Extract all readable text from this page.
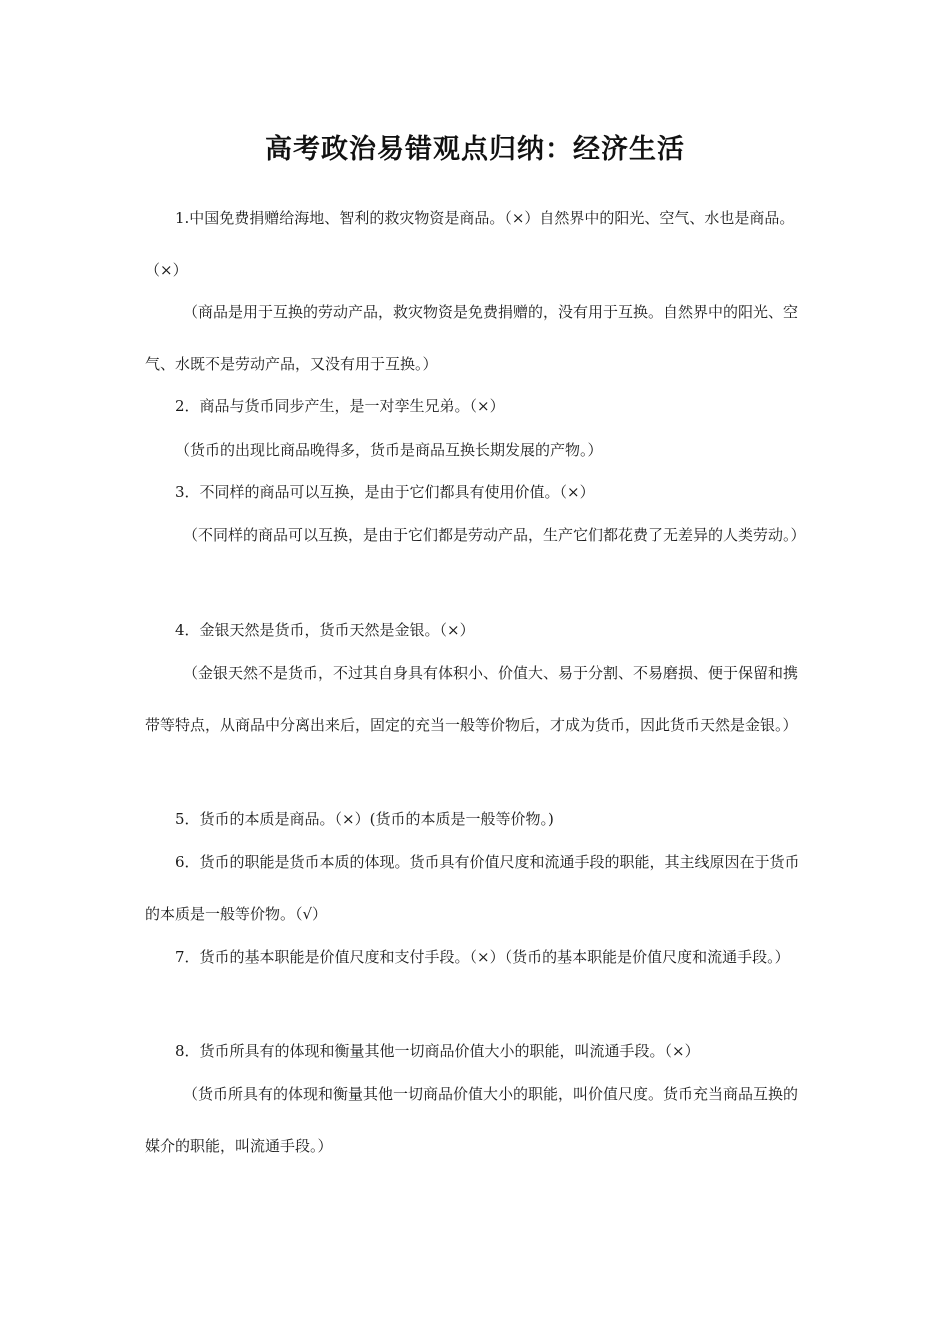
高考政治易错观点归纳：经济生活

1.中国免费捐赠给海地、智利的救灾物资是商品。（×）自然界中的阳光、空气、水也是商品。（×）

（商品是用于互换的劳动产品，救灾物资是免费捐赠的，没有用于互换。自然界中的阳光、空气、水既不是劳动产品，又没有用于互换。）

2．商品与货币同步产生，是一对孪生兄弟。（×）

（货币的出现比商品晚得多，货币是商品互换长期发展的产物。）

3．不同样的商品可以互换，是由于它们都具有使用价值。（×）

（不同样的商品可以互换，是由于它们都是劳动产品，生产它们都花费了无差异的人类劳动。）

4．金银天然是货币，货币天然是金银。（×）

（金银天然不是货币，不过其自身具有体积小、价值大、易于分割、不易磨损、便于保留和携带等特点，从商品中分离出来后，固定的充当一般等价物后，才成为货币，因此货币天然是金银。）

5．货币的本质是商品。（×）(货币的本质是一般等价物。)

6．货币的职能是货币本质的体现。货币具有价值尺度和流通手段的职能，其主线原因在于货币的本质是一般等价物。（√）

7．货币的基本职能是价值尺度和支付手段。（×）（货币的基本职能是价值尺度和流通手段。）

8．货币所具有的体现和衡量其他一切商品价值大小的职能，叫流通手段。（×）

（货币所具有的体现和衡量其他一切商品价值大小的职能，叫价值尺度。货币充当商品互换的媒介的职能，叫流通手段。）
